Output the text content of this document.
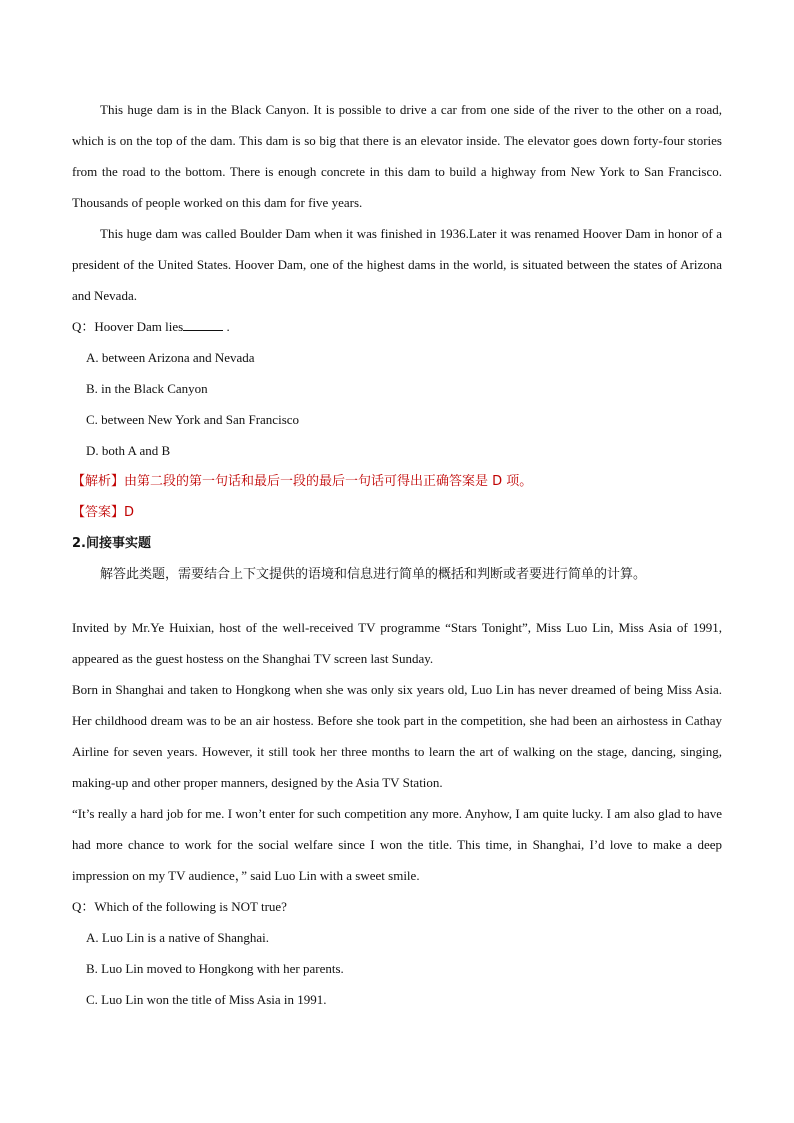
This huge dam is in the Black Canyon. It is possible to drive a car from one side of the river to the other on a road, which is on the top of the dam. This dam is so big that there is an elevator inside. The elevator goes down forty-four stories from the road to the bottom. There is enough concrete in this dam to build a highway from New York to San Francisco. Thousands of people worked on this dam for five years.

This huge dam was called Boulder Dam when it was finished in 1936.Later it was renamed Hoover Dam in honor of a president of the United States. Hoover Dam, one of the highest dams in the world, is situated between the states of Arizona and Nevada.

Q：Hoover Dam lies	.

A. between Arizona and Nevada

B. in the Black Canyon

C. between New York and San Francisco

D. both A and B

【解析】由第二段的第一句话和最后一段的最后一句话可得出正确答案是 D 项。

【答案】D

2.间接事实题

解答此类题，需要结合上下文提供的语境和信息进行简单的概括和判断或者要进行简单的计算。

Invited by Mr.Ye Huixian, host of the well-received TV programme “Stars Tonight”, Miss Luo Lin, Miss Asia of 1991, appeared as the guest hostess on the Shanghai TV screen last Sunday.

Born in Shanghai and taken to Hongkong when she was only six years old, Luo Lin has never dreamed of being Miss Asia. Her childhood dream was to be an air hostess. Before she took part in the competition, she had been an airhostess in Cathay Airline for seven years. However, it still took her three months to learn the art of walking on the stage, dancing, singing, making-up and other proper manners, designed by the Asia TV Station.

“It’s really a hard job for me. I won’t enter for such competition any more. Anyhow, I am quite lucky. I am also glad to have had more chance to work for the social welfare since I won the title. This time, in Shanghai, I’d love to make a deep impression on my TV audience，” said Luo Lin with a sweet smile.

Q：Which of the following is NOT true?

A. Luo Lin is a native of Shanghai.

B. Luo Lin moved to Hongkong with her parents.

C. Luo Lin won the title of Miss Asia in 1991.
